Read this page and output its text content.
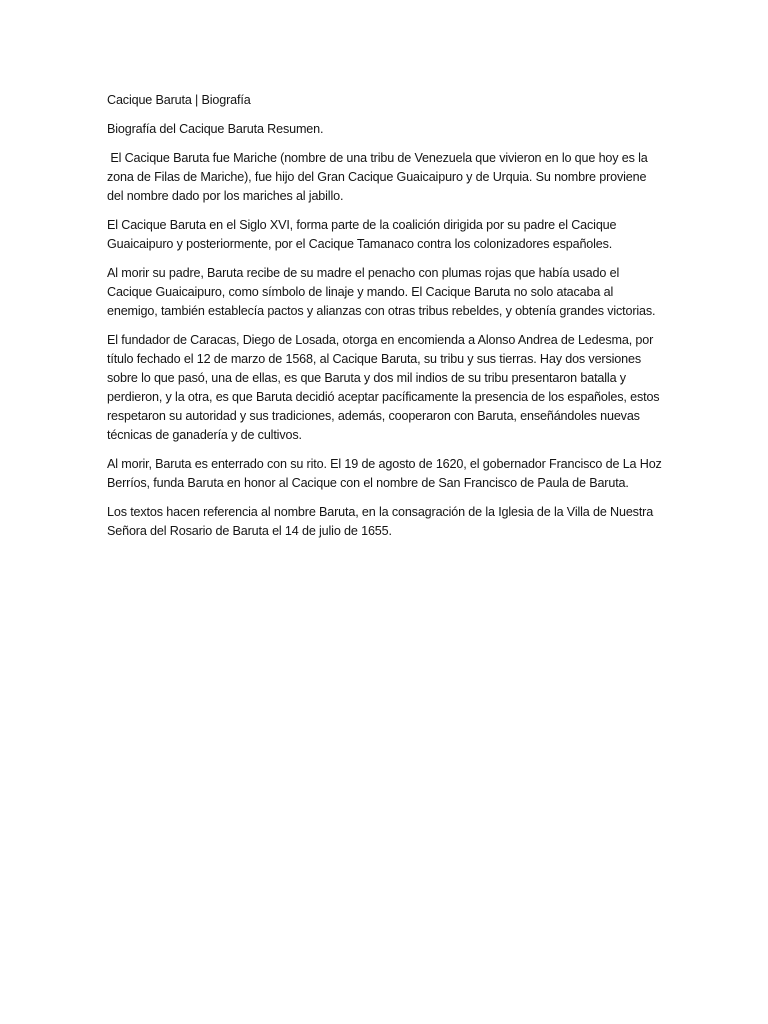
Cacique Baruta | Biografía

Biografía del Cacique Baruta Resumen.

El Cacique Baruta fue Mariche (nombre de una tribu de Venezuela que vivieron en lo que hoy es la zona de Filas de Mariche), fue hijo del Gran Cacique Guaicaipuro y de Urquia. Su nombre proviene del nombre dado por los mariches al jabillo.

El Cacique Baruta en el Siglo XVI, forma parte de la coalición dirigida por su padre el Cacique Guaicaipuro y posteriormente, por el Cacique Tamanaco contra los colonizadores españoles.

Al morir su padre, Baruta recibe de su madre el penacho con plumas rojas que había usado el Cacique Guaicaipuro, como símbolo de linaje y mando. El Cacique Baruta no solo atacaba al enemigo, también establecía pactos y alianzas con otras tribus rebeldes, y obtenía grandes victorias.

El fundador de Caracas, Diego de Losada, otorga en encomienda a Alonso Andrea de Ledesma, por título fechado el 12 de marzo de 1568, al Cacique Baruta, su tribu y sus tierras. Hay dos versiones sobre lo que pasó, una de ellas, es que Baruta y dos mil indios de su tribu presentaron batalla y perdieron, y la otra, es que Baruta decidió aceptar pacíficamente la presencia de los españoles, estos respetaron su autoridad y sus tradiciones, además, cooperaron con Baruta, enseñándoles nuevas técnicas de ganadería y de cultivos.

Al morir, Baruta es enterrado con su rito. El 19 de agosto de 1620, el gobernador Francisco de La Hoz Berríos, funda Baruta en honor al Cacique con el nombre de San Francisco de Paula de Baruta.

Los textos hacen referencia al nombre Baruta, en la consagración de la Iglesia de la Villa de Nuestra Señora del Rosario de Baruta el 14 de julio de 1655.
